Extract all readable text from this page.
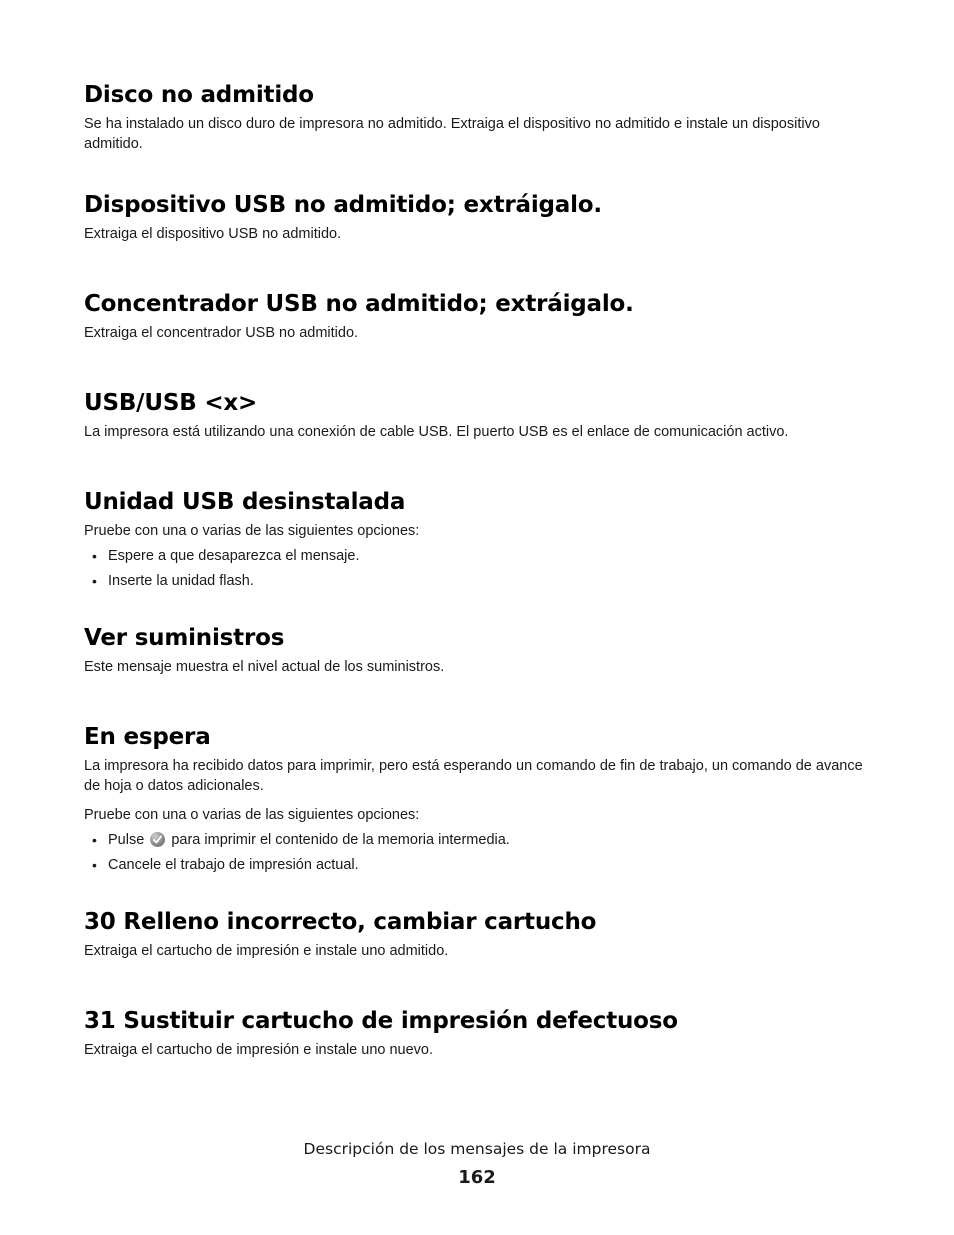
Disco no admitido

Se ha instalado un disco duro de impresora no admitido. Extraiga el dispositivo no admitido e instale un dispositivo admitido.

Dispositivo USB no admitido; extráigalo.

Extraiga el dispositivo USB no admitido.

Concentrador USB no admitido; extráigalo.

Extraiga el concentrador USB no admitido.

USB/USB <x>

La impresora está utilizando una conexión de cable USB. El puerto USB es el enlace de comunicación activo.

Unidad USB desinstalada

Pruebe con una o varias de las siguientes opciones:

• Espere a que desaparezca el mensaje.
• Inserte la unidad flash.
Ver suministros

Este mensaje muestra el nivel actual de los suministros.

En espera

La impresora ha recibido datos para imprimir, pero está esperando un comando de fin de trabajo, un comando de avance de hoja o datos adicionales.

Pruebe con una o varias de las siguientes opciones:

• Pulse para imprimir el contenido de la memoria intermedia.
• Cancele el trabajo de impresión actual.
30 Relleno incorrecto, cambiar cartucho

Extraiga el cartucho de impresión e instale uno admitido.

31 Sustituir cartucho de impresión defectuoso

Extraiga el cartucho de impresión e instale uno nuevo.

Descripción de los mensajes de la impresora
162
